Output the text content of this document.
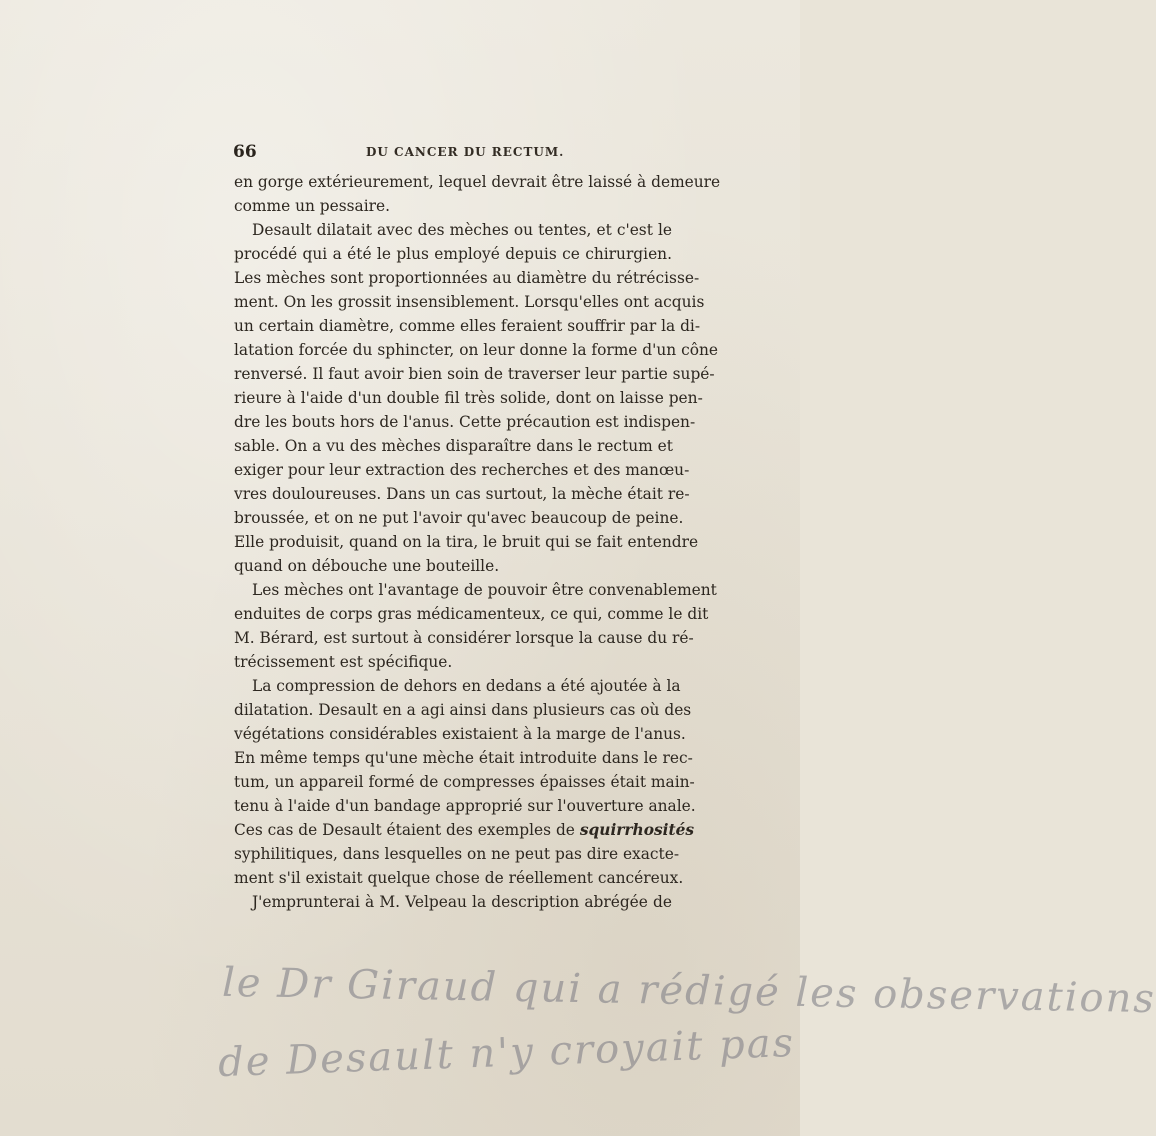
66	DU CANCER DU RECTUM.
en gorge extérieurement, lequel devrait être laissé à demeure
comme un pessaire.
Desault dilatait avec des mèches ou tentes, et c'est le
procédé qui a été le plus employé depuis ce chirurgien.
Les mèches sont proportionnées au diamètre du rétrécisse-
ment. On les grossit insensiblement. Lorsqu'elles ont acquis
un certain diamètre, comme elles feraient souffrir par la di-
latation forcée du sphincter, on leur donne la forme d'un cône
renversé. Il faut avoir bien soin de traverser leur partie supé-
rieure à l'aide d'un double fil très solide, dont on laisse pen-
dre les bouts hors de l'anus. Cette précaution est indispen-
sable. On a vu des mèches disparaître dans le rectum et
exiger pour leur extraction des recherches et des manœu-
vres douloureuses. Dans un cas surtout, la mèche était re-
broussée, et on ne put l'avoir qu'avec beaucoup de peine.
Elle produisit, quand on la tira, le bruit qui se fait entendre
quand on débouche une bouteille.
Les mèches ont l'avantage de pouvoir être convenablement
enduites de corps gras médicamenteux, ce qui, comme le dit
M. Bérard, est surtout à considérer lorsque la cause du ré-
trécissement est spécifique.
La compression de dehors en dedans a été ajoutée à la
dilatation. Desault en a agi ainsi dans plusieurs cas où des
végétations considérables existaient à la marge de l'anus.
En même temps qu'une mèche était introduite dans le rec-
tum, un appareil formé de compresses épaisses était main-
tenu à l'aide d'un bandage approprié sur l'ouverture anale.
Ces cas de Desault étaient des exemples de squirrhosités
syphilitiques, dans lesquelles on ne peut pas dire exacte-
ment s'il existait quelque chose de réellement cancéreux.
J'emprunterai à M. Velpeau la description abrégée de
le Dr Giraud qui a rédigé les observations
de Desault n'y croyait pas
